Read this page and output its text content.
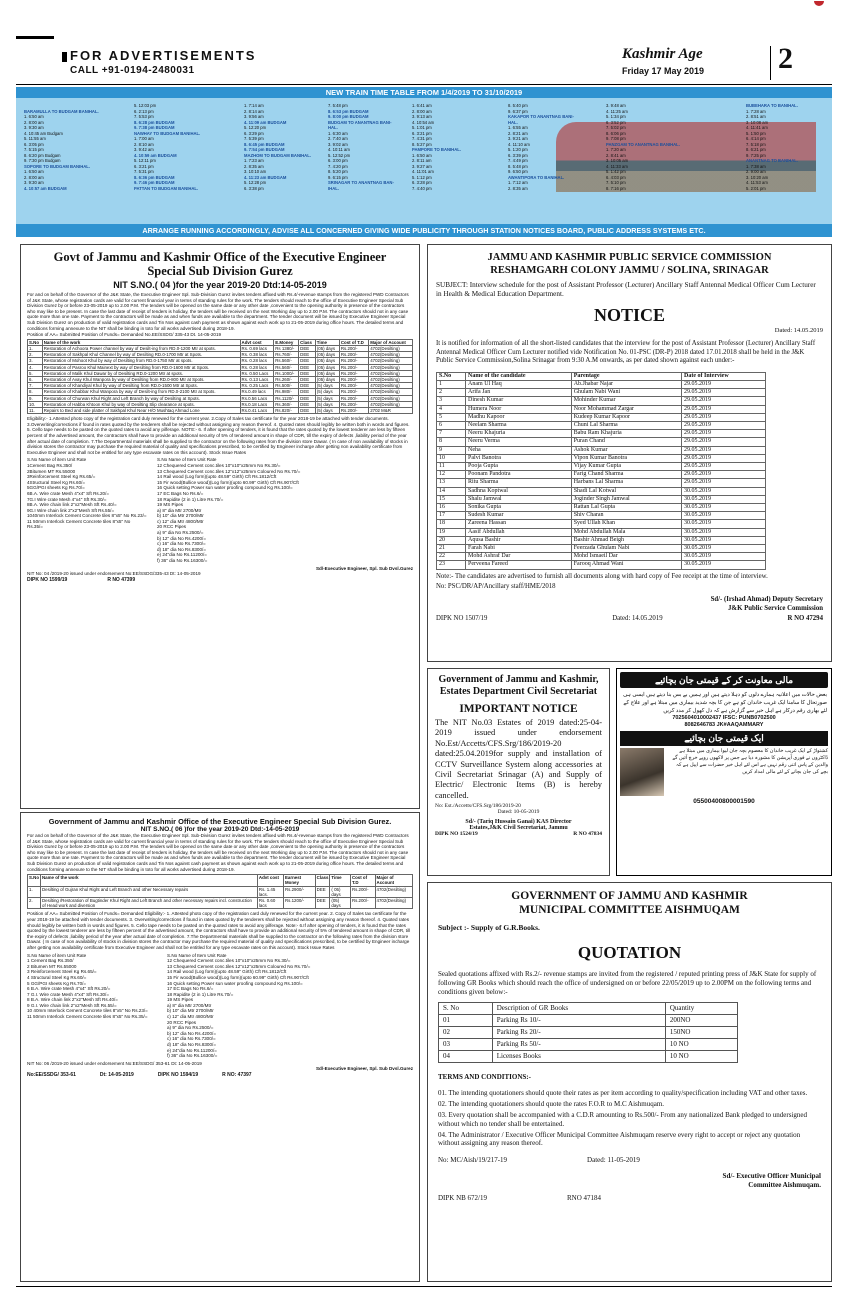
FOR ADVERTISEMENTS
CALL +91-0194-2480031
Kashmir Age
Friday 17 May 2019 2
NEW TRAIN TIME TABLE FROM 1/4/2019 TO 31/10/2019

BARAMULLA TO BUDGAM BANIHAL.
1. 6:50 am
2. 8:00 am
3. 9:30 am
4. 10:45 am Budgam
5. 11:55 am
6. 3:05 pm
7. 5:15 pm
8. 6:20 pm Budgam
9. 7:30 pm Budgam
SOPORE TO BUDGAM BANIHAL.
1. 6:50 am
2. 8:00 am
3. 9:30 am
4. 10:57 am BUDGAM
5. 12:03 pm
6. 2:13 pm
7. 5:53 pm
8. 6:28 pm BUDGAM
9. 7:38 pm BUDGAM
NAWHAY TO BUDGAM BANIHAL.
1. 7:00 am
2. 8:10 am
3. 9:42 am
4. 10:59 am BUDGAM
5. 12:11 pm
6. 3:21 pm
7. 5:31 pm
8. 6:36 pm BUDGAM
9. 7:46 pm BUDGAM
PATTAN TO BUDGAM BANIHAL.
1. 7:14 am
2. 8:14 am
3. 9:56 am
4. 11:09 am BUDGAM
5. 12:20 pm
6. 3:29 pm
7. 5:39 pm
8. 6:45 pm BUDGAM
9. 7:54 pm BUDGAM
MAZHOM TO BUDGAM BANIHAL.
1. 7:23 am
2. 8:35 am
3. 10:10 am
4. 11:23 am BUDGAM
5. 12:28 pm
6. 3:38 pm
7. 5:48 pm
8. 6:53 pm BUDGAM
9. 8:00 pm BUDGAM
BUDGAM TO ANANTNAG BANI-
HAL.
1. 6:30 am
2. 7:40 am
3. 9:02 am
4. 10:11 am
5. 12:52 pm
6. 3:00 pm
7. 4:20 pm
8. 5:20 pm
9. 6:15 pm
SRINAGAR TO ANANTNAG BAN-
IHAL.
1. 6:41 am
2. 8:00 am
3. 9:13 am
4. 10:54 am
5. 1:01 pm
6. 3:21 pm
7. 4:31 pm
8. 5:27 pm
PAMPORE TO BANIHAL.
1. 6:50 am
2. 8:11 am
3. 9:27 am
4. 11:01 am
5. 1:12 pm
6. 3:28 pm
7. 4:40 pm
8. 5:40 pm
9. 6:37 pm
KAKAPOR TO ANANTNAG BANI-
HAL.
1. 6:55 am
2. 8:21 am
3. 9:21 am
4. 11:10 am
5. 1:20 pm
6. 3:39 pm
7. 4:49 pm
8. 5:48 pm
9. 6:50 pm
AWANTIPORA TO BANIHAL.
1. 7:12 am
2. 8:35 am
3. 9:48 am
4. 11:25 am
5. 1:34 pm
6. 3:52 pm
7. 5:02 pm
8. 6:06 pm
9. 7:08 pm
PANZGAM TO ANANTNAG BANIHAL.
1. 7:20 am
2. 8:41 am
3. 10:05 am
4. 11:33 am
5. 1:42 pm
6. 4:03 pm
7. 5:10 pm
8. 7:16 pm
BUBEHARA TO BANIHAL.
1. 7:28 am
2. 8:51 am
3. 10:08 am
4. 11:41 am
5. 1:50 pm
6. 4:14 pm
7. 5:18 pm
8. 6:21 pm
9. 7:25 pm
ANANTNAG TO BANIHAL.
1. 7:38 am
2. 9:00 am
3. 10:20 am
4. 11:53 am
5. 2:01 pm
ARRANGE RUNNING ACCORDINGLY, ADVISE ALL CONCERNED GIVING WIDE PUBLICITY THROUGH STATION NOTICES BOARD, PUBLIC ADDRESS SYSTEMS ETC.
Govt of Jammu and Kashmir Office of the Executive Engineer Special Sub Division Gurez
NIT S.NO.( 04 )for the year 2019-20 Dtd:14-05-2019
For and on behalf of the Governor of the J&K State, the Executive Engineer Spl. Sub-Division Gurez invites tenders affixed with Rs.4/-revenue stamps from the registered PWD Contractors of J&K State, whose registration cards are valid for current financial year in terms of standing rules for the work. The tenders should reach to the office of Executive Engineer Special Sub Division Gurez by or before 23-05-2019 up to 2.00 P.M. The tenders will be opened on the same date or any other date ,convenient to the opening authority in presence of the contractors who may like to be present. In case the last date of receipt of tenders is holiday, the tenders will be received on the next Working day up to 2.00 P.M. The contractors should not in any case quote more than one rate. Payment to the contractors will be made as and when funds are available to the department. The tender document will be issued by Executive Engineer Special Sub Division Gurez on production of valid registration cards and Tin Nos against cash payment as shown against each work up to 21-05-2019 during office hours. The detailed terms and conditions forming annexure to the NIT shall be binding in toto for all works advertised during 2018-19.
Position of AA= Submitted Position of Funds= Demanded No.EE/SSDG/ 335-43 Dt. 14-05-2019
S.No	Name of the work	Advt cost	E.Money	Class	Time	Cost of T.D	Major of Account
1.	Restoration of Achoora Power channel by way of Desilt-ing from RD.0-1200 Mtr at spots.	Rs. 0.69 lacs	Rs 1380/-	DEE	(05) days	Rs.200/-	4702(Desilting)
2.	Restoration of Sakhpal Khul Channel by way of Desilting RD.0-1700 Mtr at Spots.	Rs. 0.38 lacs	Rs.760/-	DEE	(05) days	Rs.200/-	4702(Desilting)
3.	Restoration of Mohoot Khul by way of Desilting from RD.0-1750 Mtr at spots.	Rs. 0.28 lacs	Rs.560/-	DEE	(05) days	Rs.200/-	4702(Desilting)
4.	Restoration of Pasroo Khul Mainext by way of Desilting from RD.0-1600 Mtr at Spots.	Rs. 0.28 lacs	Rs.560/-	DEE	(05) days	Rs.200/-	4702(Desilting)
5.	Restoration of Malik Khul Dawar by of Desilting RD.0-1200 Mtr at spots.	Rs. 0.50 Lacs	Rs.1000/-	DEE	(05) days	Rs.200/-	4702(Desilting)
6.	Restoration of Avay Khul Wanpora by way of Desilting from RD.0-800 Mtr at Spots.	Rs. 0.13 Lacs	Rs.260/-	DEE	(05) days	Rs.200/-	4702(Desilting)
7.	Restoration of Khandiyal Khul by way of Desilting from RD.0-1500 Mtr at Spots.	Rs. 0.25 Lacs	Rs.500/-	DEE	(5) days	Rs.200/-	4702(Desilting)
8.	Restoration of Khabbar Khul Wanpora by way of Desilt-ing from RD.0-2100 Mtr at Spots.	Rs.0.49 lacs	Rs.980/-	DEE	(5) days	Rs.200/-	4702(Desilting)
9.	Restoration of Churwan Khul Right and Left Branch by way of Desilting at Spots.	Rs.0.56 Lacs	Rs.1120/-	DEE	(5) days	Rs.200/-	4702(Desilting)
10.	Restoration of Habba Khtoon Khul by way of Desilting Slip clearance at spots.	Rs.0.18 Lacs	Rs.360/-	DEE	(5) days	Rs.200/-	4702(Desilting)
11.	Repairs to Bed and side platter of Sakhpal Khul Near H/O Mushtaq Ahmad Lone	Rs.0.41 Lacs	Rs.820/-	DEE	(5) days	Rs.200/-	2702 M&R
Eligibility:- 1.Attested photo copy of the registration card duly renewed for the current year. 2.Copy of Sales tax certificate for the year 2018-19 be attached with tender documents. 3.Overwriting/corrections if found in rates quoted by the tenderers shall be rejected without assigning any reason thereof. 4. Quoted rates should legibly be written both in words and figures. 5. Cello tape needs to be pasted on the quoted rates to avoid any pilferage. NOTE:- 6. If after opening of tenders, it is found that the rates quoted by the lowest tenderer are less by fifteen percent of the advertised amount, the contractors shall have to provide an additional security of 5% of tendered amount in shape of CDR, till the expiry of defects ,liability period of the year after actual date of completion. 7.The Departmental materials shall be supplied to the contractor on the following rates from the division store Dawar. ( In case of non availability of stocks in division stores the contractor may purchase the required material of quality and specifications prescribed, to be certified by Engineer incharge after getting non availability certificate from Executive Engineer and shall not be entitled for any type escavate rates on this account). Stock Issue Rates
S.No Name of item Unit Rate
1Cement Bag Rs.350/
2Bitumen MT Rs.55000
3Reinforcement Steel Kg Rs.65/=
4Structural Steel Kg Rs.60/=
5GG/PGI sheets Kg Rs.70/=
6B.A. Wire crate Mesh 4"x4" Sft Rs.20/=
7G.I Wire crate Mesh 4"x4" Sft Rs.30/=
8B.A. Wire chain link 2"x2"Mesh Sft Rs.40/=
9G.I Wire chain link 2"x2"Mesh Sft Rs.55/=
1040mm Interlock Cement Concrete tiles 8"x5" No Rs.23/=
11 50mm Interlock Cement Concrete tiles 8"x5" No Rs.35/=
S.No Name of Item Unit Rate
12 Chequered Cement conc.tiles 10"x10"x25mm No Rs.30/=
13 Chequered Cement conc.tiles 12"x12"x25mm Coloured No Rs.70/=
14 Rail wood (Log form)(upto 48.59" Girth) Cft Rs.1812/Cft
15 Fir wood(Bullice wood)(Log form)(upto 60.99" Girth) Cft Rs.907/Cft
16 Quick setting Power sun water proofing compound Kg Rs.100/=
17 EC Bags No Rs.6/=
18 Rapidite (2 in 1) Litre Rs.70/=
19 MS Pipes
a) 8" dia Mtr 2700/Mtr
b) 10" dia Mtr 2700/Mtr
c) 12" dia Mtr 4800/Mtr
20 RCC Pipes
a) 9" dia No Rs.2500/=
b) 12" dia No Rs.4200/=
c) 16" dia No Rs.7300/=
d) 18" dia No Rs.8300/=
e) 24"dia No Rs.11200/=
f) 36" dia No Rs.16300/=
Sd/-Executive Engineer, Spl. Sub Dvsl.Gurez
NIT No: 04 /2019-20 issued under endorsement No:EE/SSDG/335-43 Dt: 14-05-2019
DIPK NO 1599/19	R NO 47399
Government of Jammu and Kashmir Office of the Executive Engineer Special Sub Division Gurez.
NIT S.NO.( 06 )for the year 2019-20 Dtd:-14-05-2019
For and on behalf of the Governor of the J&K State, the Executive Engineer Spl. Sub-Division Gurez invites tenders affixed with Rs.4/-revenue stamps from the registered PWD Contractors of J&K State, whose registration cards are valid for current financial year in terms of standing rules for the work. The tenders should reach to the office of Executive Engineer Special Sub Division Gurez by or before 23-05-2019 up to 2.00 P.M. The tenders will be opened on the same date or any other date ,convenient to the opening authority in presence of the contractors who may like to be present. In case the last date of receipt of tenders is holiday, the tenders will be received on the next Working day up to 2.00 P.M. The contractors should not in any case quote more than one rate. Payment to the contractors will be made as and when funds are available to the department. The tender document will be issued by Executive Engineer Special Sub Division Gurez on production of valid registration cards and Tin Nos against cash payment as shown against each work up to 21-05-2019 during office hours. The detailed terms and conditions forming annexure to the NIT shall be binding in toto for all works advertised during 2018-19.
S.No	Name of the work	Advt cost	Earnest Money	Class	Time	Cost of T.D	Major of Account
1.	Desilting of Gujran Khul Right and Left Branch and other Necessary repairs	Rs. 1.45 lacs.	Rs.2900/-	DEE	( 05) days	Rs.200/-	4702(Desilting)
2.	Desilting /Restoration of Bugtinder Khul Right and Left Branch and other necessary repairs incl. construction of Head work and diversion	Rs. 0.60 lacs	Rs.1200/-	DEE	(05) days	Rs.200/-	4702(Desilting)
Position of AA= Submitted Position of Funds= Demanded Eligibility:- 1. Attested photo copy of the registration card duly renewed for the current year. 2. Copy of Sales tax certificate for the year 2018-19 be attached with tender documents. 3. Overwriting/corrections if found in rates quoted by the tenderers shall be rejected without assigning any reason thereof. 4. Quoted rates should legibly be written both in words and figures. 5. Cello tape needs to be pasted on the quoted rates to avoid any pilferage. Note:- 6.If after opening of tenders, it is found that the rates quoted by the lowest tenderer are less by fifteen percent of the advertised amount, the contractors shall have to provide an additional security of 5% of tendered amount in shape of CDR, till the expiry of defects ,liability period of the year after actual date of completion. 7.The Departmental materials shall be supplied to the contractor on the following rates from the division store Dawar. ( In case of non availability of stocks in division stores the contractor may purchase the required material of quality and specifications prescribed, to be certified by Engineer incharge after getting non availability certificate from Executive Engineer and shall not be entitled for any type escavate rates on this account). Stock Issue Rates
S.No Name of item Unit Rate
1 Cement Bag Rs.350/
2 Bitumen MT Rs.55000
3 Reinforcement Steel Kg Rs.65/=
4 Structural Steel Kg Rs.60/=
5 GG/PGI sheets Kg Rs.70/=
6 B.A. Wire crate Mesh 4"x4" Sft Rs.20/=
7 G.I. Wire crate Mesh 4"x4" Sft Rs.30/=
8 B.A. Wire chain link 2"x2"Mesh Sft Rs.40/=
9 G.I. Wire chain link 2"x2"Mesh Sft Rs.55/=
10 40mm Interlock Cement Concrete tiles 8"x5" No Rs.23/=
11 50mm Interlock Cement Concrete tiles 8"x5" No Rs.35/=
S.No Name of Item Unit Rate
12 Chequered Cement conc.tiles 10"x10"x25mm No Rs.30/=
13 Chequered Cement conc.tiles 12"x12"x25mm Coloured No Rs.70/=
14 Rail wood (Log form)(upto 48.59" Girth) Cft Rs.1812/Cft
15 Fir wood(Bullice wood)(Log form)(upto 60.99" Girth) Cft Rs.907/Cft
16 Quick setting Power sun water proofing compound Kg Rs.100/=
17 EC Bags No Rs.6/=
18 Rapidite (2 in 1) Litre Rs.70/=
19 MS Pipes
a) 8" dia Mtr 2700/Mtr
b) 10" dia Mtr 2700/Mtr
c) 12" dia Mtr 4800/Mtr
20 RCC Pipes
a) 9" dia No Rs.2500/=
b) 12" dia No Rs.4200/=
c) 16" dia No Rs.7300/=
d) 18" dia No Rs.8300/=
e) 24"dia No Rs.11200/=
f) 36" dia No Rs.16300/=
NIT No: 06 /2019-20 issued under endorsement No:EE/SSDG/ 353-61 Dt: 14-05-2019
Sd/-Executive Engineer, Spl. Sub Dvsl.Gurez
No:EE/SSDG/ 353-61	Dt: 14-05-2019	DIPK NO 1594/19	R NO: 47397
JAMMU AND KASHMIR PUBLIC SERVICE COMMISSION
RESHAMGARH COLONY JAMMU / SOLINA, SRINAGAR
SUBJECT: Interview schedule for the post of Assistant Professor (Lecturer) Ancillary Staff Antennal Medical Officer Cum Lecturer in Health & Medical Education Department.
NOTICE
Dated: 14.05.2019
It is notified for information of all the short-listed candidates that the interview for the post of Assistant Professor (Lecturer) Ancillary Staff Antennal Medical Officer Cum Lecturer notified vide Notification No. 01-PSC (DR-P) 2018 dated 17.01.2018 shall be held in the J&K Public Service Commission,Solina Srinagar from 9:30 A.M onwards, as per dated shown against each under:-
S.No	Name of the candidate	Parentage	Date of Interview
1	Anam Ul Haq	Ab.Jhabar Najar	29.05.2019
2	Arifa Jan	Ghulam Nabi Wani	29.05.2019
3	Dinesh Kumar	Mohinder Kumar	29.05.2019
4	Humera Noor	Noor Mohammad Zargar	29.05.2019
5	Madhu Kapoor	Kudeep Kumar Kapoor	29.05.2019
6	Neelam Sharma	Chuni Lal Sharma	29.05.2019
7	Neeru Khajuria	Babu Ram Khajuria	29.05.2019
8	Neeru Verma	Puran Chand	29.05.2019
9	Neha	Ashok Kumar	29.05.2019
10	Palvi Banotra	Vipon Kumar Banotra	29.05.2019
11	Pooja Gupta	Vijay Kumar Gupta	29.05.2019
12	Poonam Pandotra	Farig Chand Sharma	29.05.2019
13	Ritu Sharma	Harbans Lal Sharma	29.05.2019
14	Sadhna Koptwal	Shadi Lal Kotwal	30.05.2019
15	Shalu Jamwal	Joginder Singh Jamwal	30.05.2019
16	Sonika Gupta	Rattan Lal Gupta	30.05.2019
17	Sudesh Kumar	Shiv Charan	30.05.2019
18	Zareena Hassan	Syed Ullah Khan	30.05.2019
19	Aasif Abdullah	Mohd Abdullah Mala	30.05.2019
20	Aqusa Bashir	Bashir Ahmad Beigh	30.05.2019
21	Farah Nabi	Feerzada Ghulam Nabi	30.05.2019
22	Mohd Ashraf Dar	Mohd Ismaeil Dar	30.05.2019
23	Perveena Fareed	Farooq Ahmad Wani	30.05.2019
Note:- The candidates are advertised to furnish all documents along with hard copy of Fee receipt at the time of interview.
No: PSC/DR/AP/Ancillary staff/HME/2018
Sd/- (Irshad Ahmad) Deputy Secretary
J&K Public Service Commission
DIPK NO 1507/19	Dated: 14.05.2019	R NO 47294
Government of Jammu and Kashmir, Estates Department Civil Secretariat
IMPORTANT NOTICE
The NIT No.03 Estates of 2019 dated:25-04-2019 issued under endorsement No.Est/Accetts/CFS.Srg/186/2019-20 dated:25.04.2019for supply and installation of CCTV Surveillance System along accessories at Civil Secretariat Srinagar (A) and Supply of Electric/ Electronic Items (B) is hereby cancelled.
No: Est./Accetts/CFS.Srg/186/2019-20
Dated: 10-05-2019
Sd/- (Tariq Hussain Ganai) KAS Director
Estates,J&K Civil Secretariat, Jammu
DIPK NO 1524/19	R NO 47834
مالی معاونت کر کے قیمتی جان بچائیے
بعض حالات میں اعلانیہ ہمارے دلوں کو دہلا دیتے ہیں اور ہمیں بے بس بنا دیتے ہیں ایسی ہی صورتحال کا سامنا ایک غریب خاندان کو ہے جن کا بچہ شدید بیماری میں مبتلا ہے اور علاج کے لئے بھاری رقم درکار ہے اہل خیر سے گزارش ہے کہ دل کھول کر مدد کریں
7025604010002437 IFSC: PUNB0702500
8082646783 JK#AAQAMMARY
ایک قیمتی جان بچائیے
کشتواڑ کے ایک غریب خاندان کا معصوم بچہ جان لیوا بیماری میں مبتلا ہے ڈاکٹروں نے فوری آپریشن کا مشورہ دیا ہے جس پر لاکھوں روپے خرچ آئیں گے والدین کے پاس اتنی رقم نہیں ہے اس لئے اہل خیر حضرات سے اپیل ہے کہ بچے کی جان بچانے کے لئے مالی امداد کریں
05500400800001590
GOVERNMENT OF JAMMU AND KASHMIR
MUNICIPAL COMMITTEE AISHMUQAM
Subject :- Supply of G.R.Books.
QUOTATION
Sealed quotations affixed with Rs.2/- revenue stamps are invited from the registered / reputed printing press of J&K State for supply of following GR Books which should reach the office of undersigned on or before 22/05/2019 up to 2.00PM on the following terms and conditions given below:-
S. No	Description of GR Books	Quantity
01	Parking Rs 10/-	200NO
02	Parking Rs 20/-	150NO
03	Parking Rs 50/-	10 NO
04	Licenses Books	10 NO
TERMS AND CONDITIONS:-
01. The intending quotationers should quote their rates as per item according to quality/specification including VAT and other taxes.
02. The intending quotationers should quote the rates F.O.R to M.C Aishmuqam.
03. Every quotation shall be accompanied with a C.D.R amounting to Rs.500/- From any nationalized Bank pledged to undersigned without which no tender shall be entertained.
04. The Administrator / Executive Officer Municipal Committee Aishmuqam reserve every right to accept or reject any quotation without assigning any reason thereof.
No: MC/Aish/19/217-19	Dated: 11-05-2019
Sd/- Executive Officer Municipal
Committee Aishmuqam.
DIPK NB 672/19	RNO 47184
